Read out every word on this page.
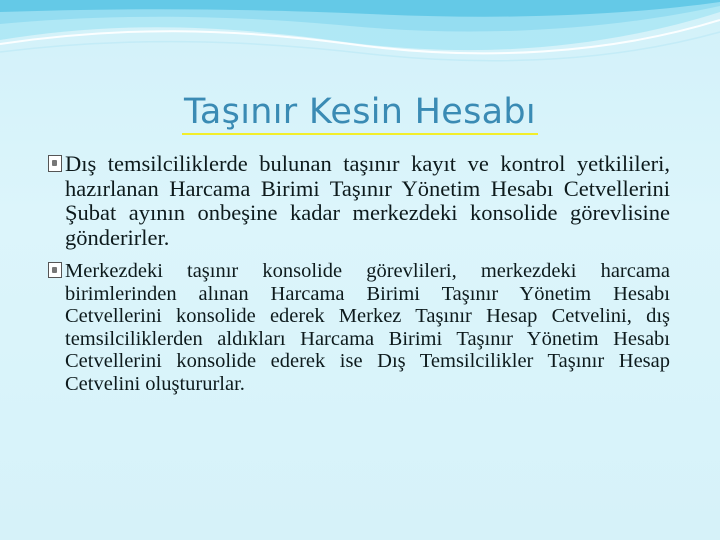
Taşınır Kesin Hesabı
Dış temsilciliklerde bulunan taşınır kayıt ve kontrol yetkilileri, hazırlanan Harcama Birimi Taşınır Yönetim Hesabı Cetvellerini Şubat ayının onbeşine kadar merkezdeki konsolide görevlisine gönderirler.
Merkezdeki taşınır konsolide görevlileri, merkezdeki harcama birimlerinden alınan Harcama Birimi Taşınır Yönetim Hesabı Cetvellerini konsolide ederek Merkez Taşınır Hesap Cetvelini, dış temsilciliklerden aldıkları Harcama Birimi Taşınır Yönetim Hesabı Cetvellerini konsolide ederek ise Dış Temsilcilikler Taşınır Hesap Cetvelini oluştururlar.
